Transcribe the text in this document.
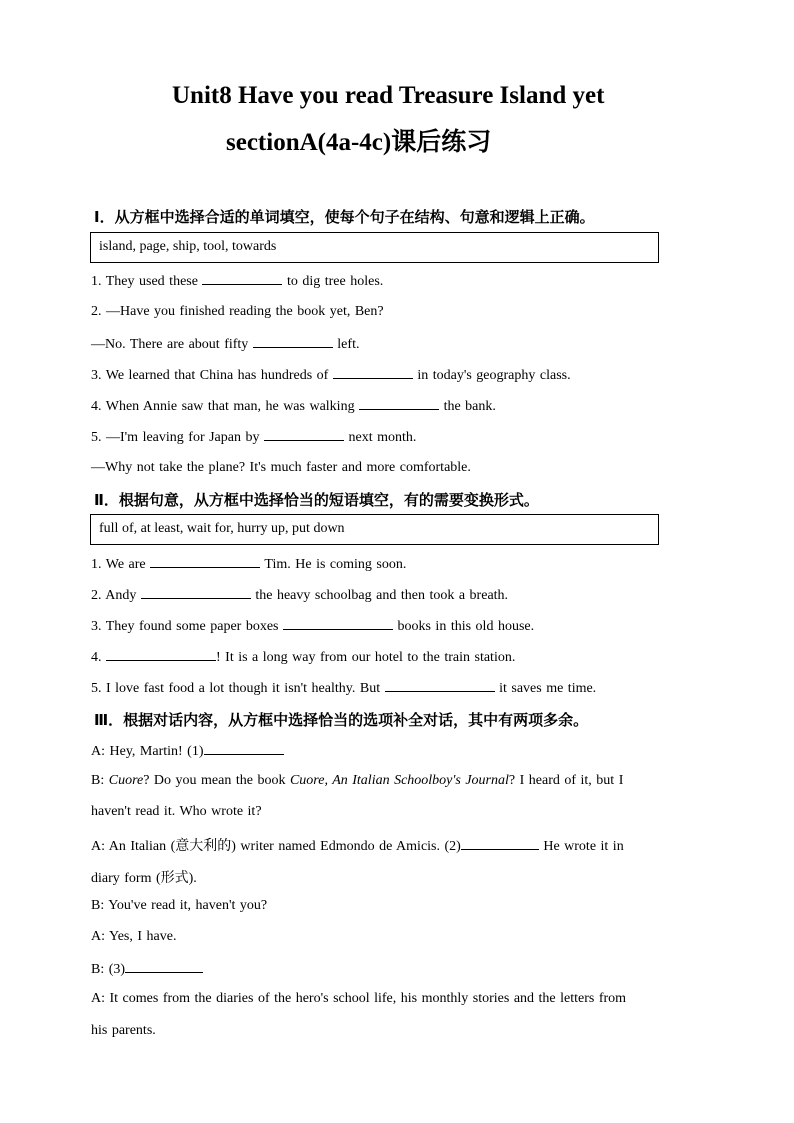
Unit8 Have you read Treasure Island yet
sectionA(4a-4c)课后练习
Ⅰ．从方框中选择合适的单词填空，使每个句子在结构、句意和逻辑上正确。
island, page, ship, tool, towards
1. They used these	to dig tree holes.
2. —Have you finished reading the book yet, Ben?
—No. There are about fifty	left.
3. We learned that China has hundreds of	in today's geography class.
4. When Annie saw that man, he was walking	the bank.
5. —I'm leaving for Japan by	next month.
—Why not take the plane? It's much faster and more comfortable.
Ⅱ．根据句意，从方框中选择恰当的短语填空，有的需要变换形式。
full of, at least, wait for, hurry up, put down
1. We are	Tim. He is coming soon.
2. Andy	the heavy schoolbag and then took a breath.
3. They found some paper boxes	books in this old house.
4.	! It is a long way from our hotel to the train station.
5. I love fast food a lot though it isn't healthy. But	it saves me time.
Ⅲ．根据对话内容，从方框中选择恰当的选项补全对话，其中有两项多余。
A: Hey, Martin! (1)
B: Cuore? Do you mean the book Cuore, An Italian Schoolboy's Journal? I heard of it, but I
haven't read it. Who wrote it?
A: An Italian (意大利的) writer named Edmondo de Amicis. (2)	He wrote it in
diary form (形式).
B: You've read it, haven't you?
A: Yes, I have.
B: (3)
A: It comes from the diaries of the hero's school life, his monthly stories and the letters from
his parents.
